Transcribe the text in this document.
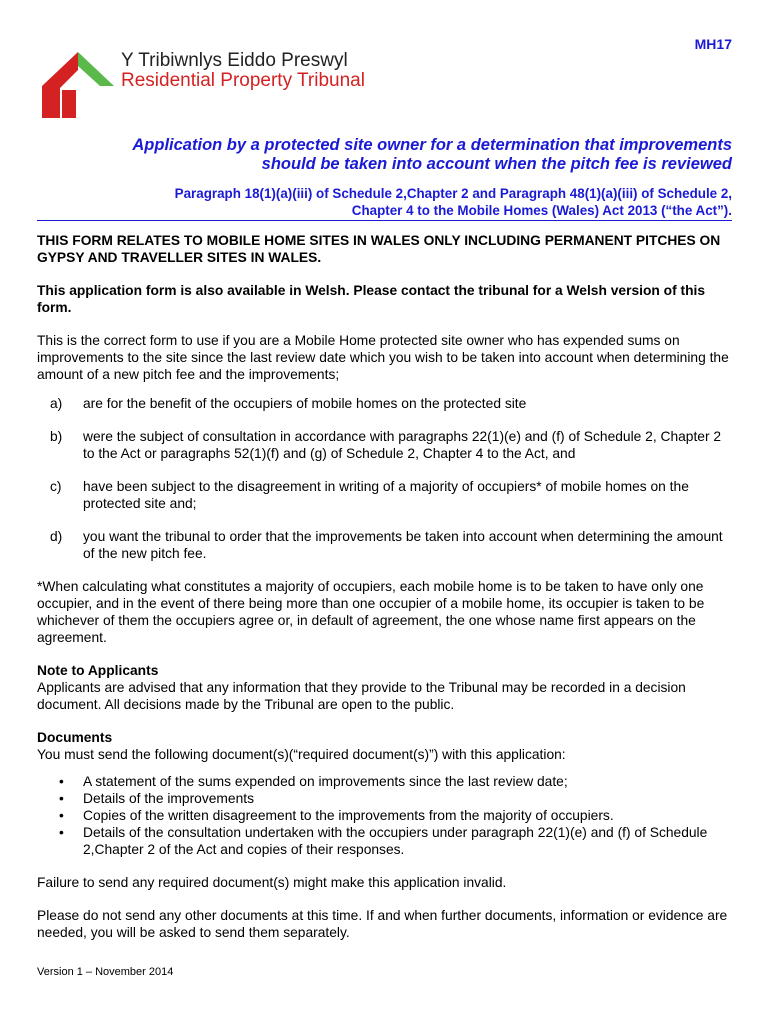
MH17
Y Tribiwnlys Eiddo Preswyl
Residential Property Tribunal
Application by a protected site owner for a determination that improvements
should be taken into account when the pitch fee is reviewed
Paragraph 18(1)(a)(iii) of Schedule 2,Chapter 2 and Paragraph 48(1)(a)(iii) of Schedule 2,
Chapter 4 to the Mobile Homes (Wales) Act 2013 (“the Act”).

THIS FORM RELATES TO MOBILE HOME SITES IN WALES ONLY INCLUDING PERMANENT PITCHES ON GYPSY AND TRAVELLER SITES IN WALES.

This application form is also available in Welsh. Please contact the tribunal for a Welsh version of this form.

This is the correct form to use if you are a Mobile Home protected site owner who has expended sums on improvements to the site since the last review date which you wish to be taken into account when determining the amount of a new pitch fee and the improvements;

a)	are for the benefit of the occupiers of mobile homes on the protected site
b)	were the subject of consultation in accordance with paragraphs 22(1)(e) and (f) of Schedule 2, Chapter 2 to the Act or paragraphs 52(1)(f) and (g) of Schedule 2, Chapter 4 to the Act, and
c)	have been subject to the disagreement in writing of a majority of occupiers* of mobile homes on the protected site and;
d)	you want the tribunal to order that the improvements be taken into account when determining the amount of the new pitch fee.

*When calculating what constitutes a majority of occupiers, each mobile home is to be taken to have only one occupier, and in the event of there being more than one occupier of a mobile home, its occupier is taken to be whichever of them the occupiers agree or, in default of agreement, the one whose name first appears on the agreement.

Note to Applicants

Applicants are advised that any information that they provide to the Tribunal may be recorded in a decision document. All decisions made by the Tribunal are open to the public.

Documents

You must send the following document(s)(“required document(s)”) with this application:

•	A statement of the sums expended on improvements since the last review date;
•	Details of the improvements
•	Copies of the written disagreement to the improvements from the majority of occupiers.
•	Details of the consultation undertaken with the occupiers under paragraph 22(1)(e) and (f) of Schedule 2,Chapter 2 of the Act and copies of their responses.

Failure to send any required document(s) might make this application invalid.

Please do not send any other documents at this time. If and when further documents, information or evidence are needed, you will be asked to send them separately.

Version 1 – November 2014
